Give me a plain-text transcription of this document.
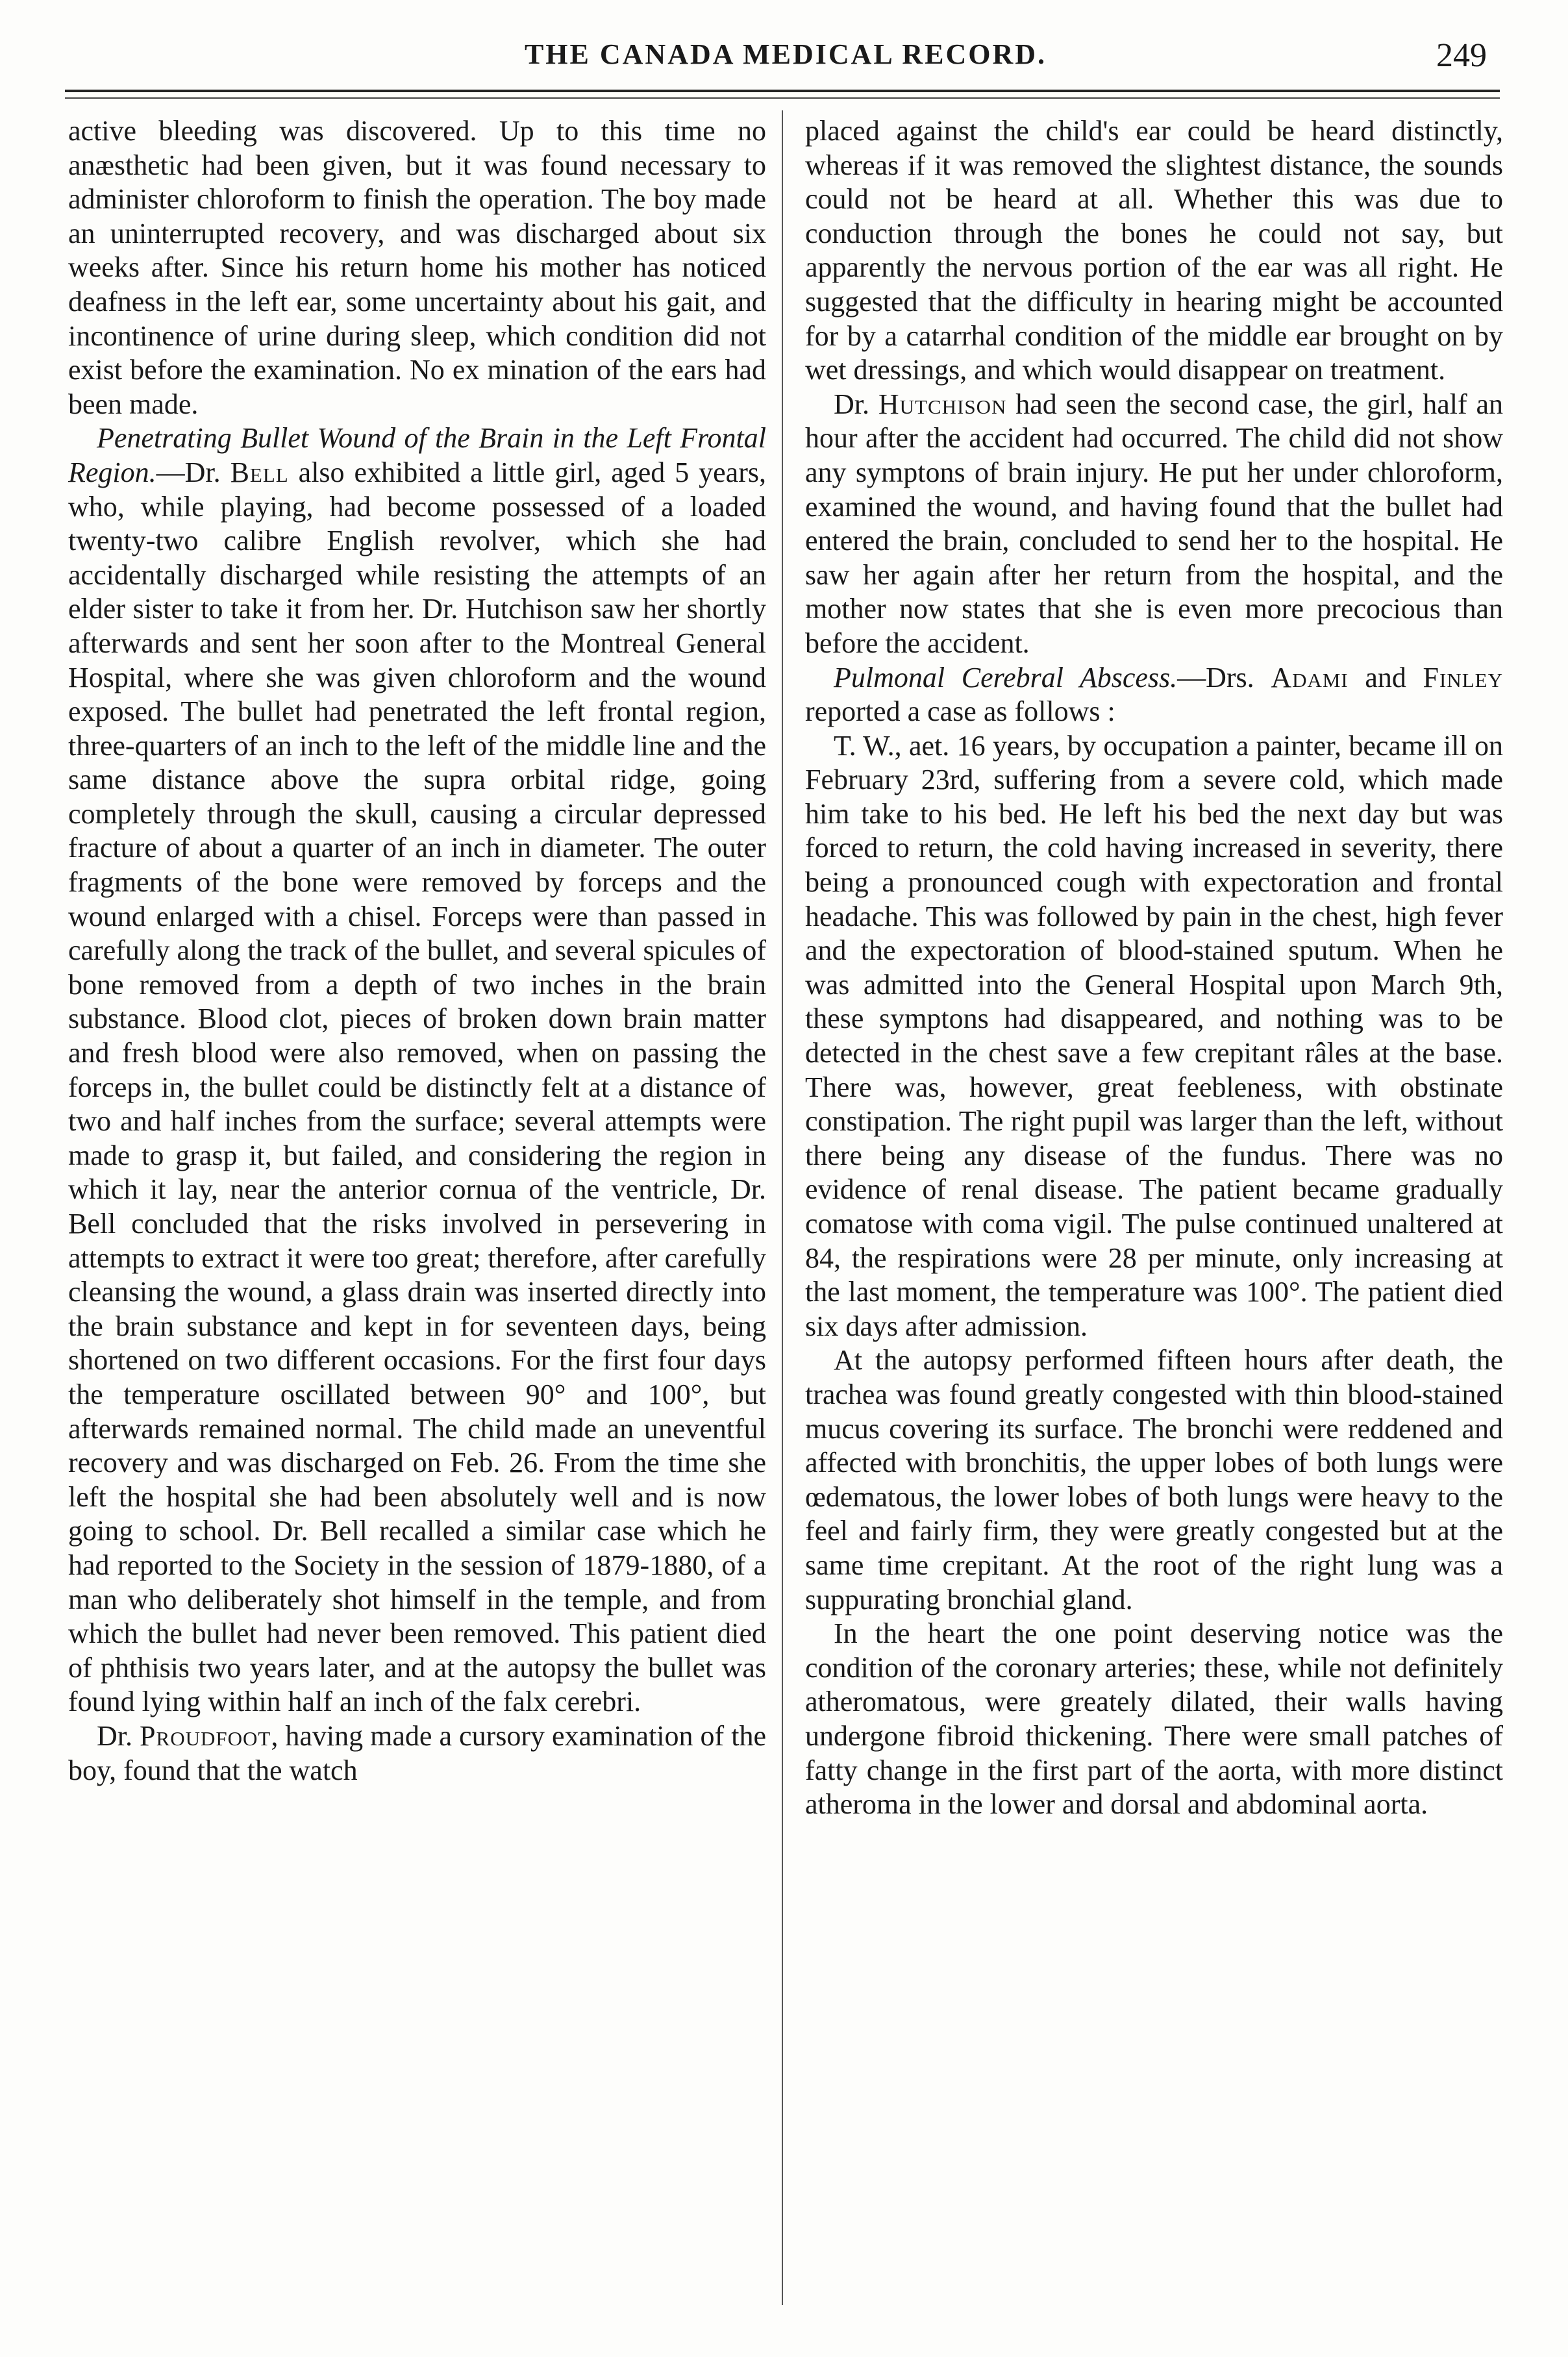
THE CANADA MEDICAL RECORD.	249

active bleeding was discovered. Up to this time no anæsthetic had been given, but it was found necessary to administer chloroform to finish the operation. The boy made an uninterrupted recovery, and was discharged about six weeks after. Since his return home his mother has noticed deafness in the left ear, some uncertainty about his gait, and incontinence of urine during sleep, which condition did not exist before the examination. No ex mination of the ears had been made.

Penetrating Bullet Wound of the Brain in the Left Frontal Region.—Dr. Bell also exhibited a little girl, aged 5 years, who, while playing, had become possessed of a loaded twenty-two calibre English revolver, which she had accidentally discharged while resisting the attempts of an elder sister to take it from her. Dr. Hutchison saw her shortly afterwards and sent her soon after to the Montreal General Hospital, where she was given chloroform and the wound exposed. The bullet had penetrated the left frontal region, three-quarters of an inch to the left of the middle line and the same distance above the supra orbital ridge, going completely through the skull, causing a circular depressed fracture of about a quarter of an inch in diameter. The outer fragments of the bone were removed by forceps and the wound enlarged with a chisel. Forceps were than passed in carefully along the track of the bullet, and several spicules of bone removed from a depth of two inches in the brain substance. Blood clot, pieces of broken down brain matter and fresh blood were also removed, when on passing the forceps in, the bullet could be distinctly felt at a distance of two and half inches from the surface; several attempts were made to grasp it, but failed, and considering the region in which it lay, near the anterior cornua of the ventricle, Dr. Bell concluded that the risks involved in persevering in attempts to extract it were too great; therefore, after carefully cleansing the wound, a glass drain was inserted directly into the brain substance and kept in for seventeen days, being shortened on two different occasions. For the first four days the temperature oscillated between 90° and 100°, but afterwards remained normal. The child made an uneventful recovery and was discharged on Feb. 26. From the time she left the hospital she had been absolutely well and is now going to school. Dr. Bell recalled a similar case which he had reported to the Society in the session of 1879-1880, of a man who deliberately shot himself in the temple, and from which the bullet had never been removed. This patient died of phthisis two years later, and at the autopsy the bullet was found lying within half an inch of the falx cerebri.

Dr. Proudfoot, having made a cursory examination of the boy, found that the watch

placed against the child's ear could be heard distinctly, whereas if it was removed the slightest distance, the sounds could not be heard at all. Whether this was due to conduction through the bones he could not say, but apparently the nervous portion of the ear was all right. He suggested that the difficulty in hearing might be accounted for by a catarrhal condition of the middle ear brought on by wet dressings, and which would disappear on treatment.

Dr. Hutchison had seen the second case, the girl, half an hour after the accident had occurred. The child did not show any symptons of brain injury. He put her under chloroform, examined the wound, and having found that the bullet had entered the brain, concluded to send her to the hospital. He saw her again after her return from the hospital, and the mother now states that she is even more precocious than before the accident.

Pulmonal Cerebral Abscess.—Drs. Adami and Finley reported a case as follows :

T. W., aet. 16 years, by occupation a painter, became ill on February 23rd, suffering from a severe cold, which made him take to his bed. He left his bed the next day but was forced to return, the cold having increased in severity, there being a pronounced cough with expectoration and frontal headache. This was followed by pain in the chest, high fever and the expectoration of blood-stained sputum. When he was admitted into the General Hospital upon March 9th, these symptons had disappeared, and nothing was to be detected in the chest save a few crepitant râles at the base. There was, however, great feebleness, with obstinate constipation. The right pupil was larger than the left, without there being any disease of the fundus. There was no evidence of renal disease. The patient became gradually comatose with coma vigil. The pulse continued unaltered at 84, the respirations were 28 per minute, only increasing at the last moment, the temperature was 100°. The patient died six days after admission.

At the autopsy performed fifteen hours after death, the trachea was found greatly congested with thin blood-stained mucus covering its surface. The bronchi were reddened and affected with bronchitis, the upper lobes of both lungs were œdematous, the lower lobes of both lungs were heavy to the feel and fairly firm, they were greatly congested but at the same time crepitant. At the root of the right lung was a suppurating bronchial gland.

In the heart the one point deserving notice was the condition of the coronary arteries; these, while not definitely atheromatous, were greately dilated, their walls having undergone fibroid thickening. There were small patches of fatty change in the first part of the aorta, with more distinct atheroma in the lower and dorsal and abdominal aorta.
